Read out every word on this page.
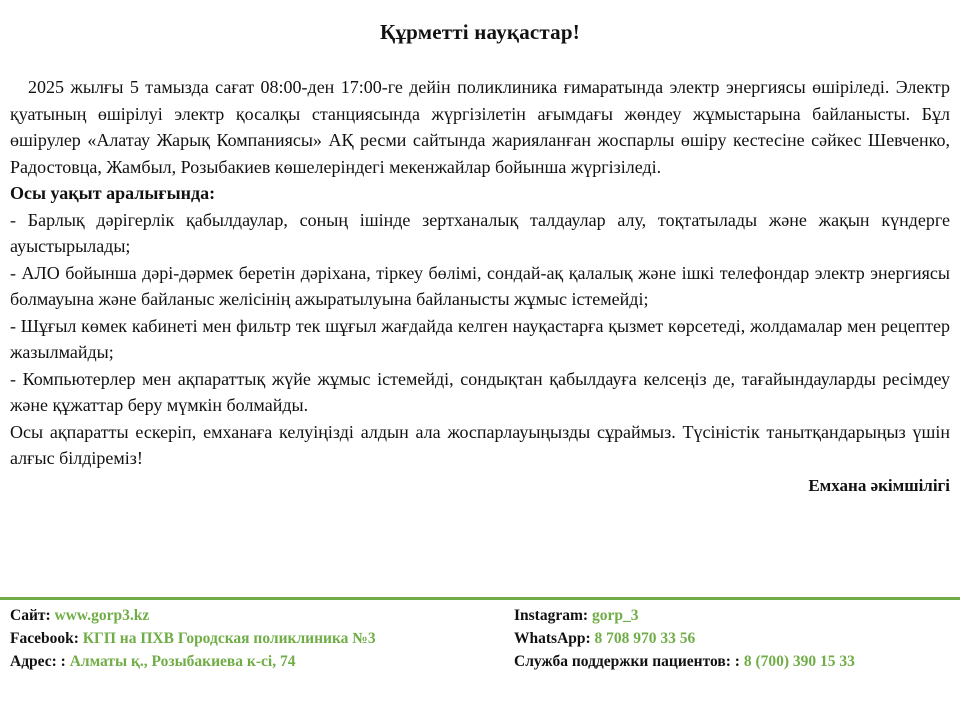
Құрметті науқастар!

2025 жылғы 5 тамызда сағат 08:00-ден 17:00-ге дейін поликлиника ғимаратында электр энергиясы өшіріледі. Электр қуатының өшірілуі электр қосалқы станциясында жүргізілетін ағымдағы жөндеу жұмыстарына байланысты. Бұл өшірулер «Алатау Жарық Компаниясы» АҚ ресми сайтында жарияланған жоспарлы өшіру кестесіне сәйкес Шевченко, Радостовца, Жамбыл, Розыбакиев көшелеріндегі мекенжайлар бойынша жүргізіледі.

Осы уақыт аралығында:

- Барлық дәрігерлік қабылдаулар, соның ішінде зертханалық талдаулар алу, тоқтатылады және жақын күндерге ауыстырылады;

- АЛО бойынша дәрі-дәрмек беретін дәріхана, тіркеу бөлімі, сондай-ақ қалалық және ішкі телефондар электр энергиясы болмауына және байланыс желісінің ажыратылуына байланысты жұмыс істемейді;

- Шұғыл көмек кабинеті мен фильтр тек шұғыл жағдайда келген науқастарға қызмет көрсетеді, жолдамалар мен рецептер жазылмайды;

- Компьютерлер мен ақпараттық жүйе жұмыс істемейді, сондықтан қабылдауға келсеңіз де, тағайындауларды ресімдеу және құжаттар беру мүмкін болмайды.

Осы ақпаратты ескеріп, емханаға келуіңізді алдын ала жоспарлауыңызды сұраймыз. Түсіністік танытқандарыңыз үшін алғыс білдіреміз!

Емхана әкімшілігі
Сайт: www.gorp3.kz
Facebook: КГП на ПХВ Городская поликлиника №3
Адрес: : Алматы қ., Розыбакиева к-сі, 74
Instagram: gorp_3
WhatsApp: 8 708 970 33 56
Служба поддержки пациентов: : 8 (700) 390 15 33
